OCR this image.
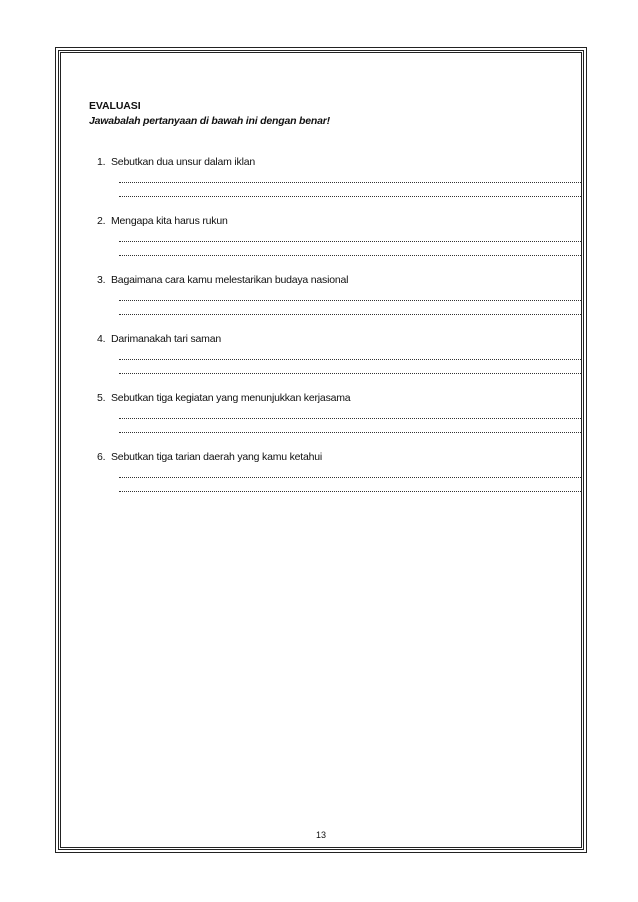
EVALUASI
Jawabalah pertanyaan di bawah ini dengan benar!
1. Sebutkan dua unsur dalam iklan
2. Mengapa kita harus rukun
3. Bagaimana cara kamu melestarikan budaya nasional
4. Darimanakah tari saman
5. Sebutkan tiga kegiatan yang menunjukkan kerjasama
6. Sebutkan tiga tarian daerah yang kamu ketahui
13
